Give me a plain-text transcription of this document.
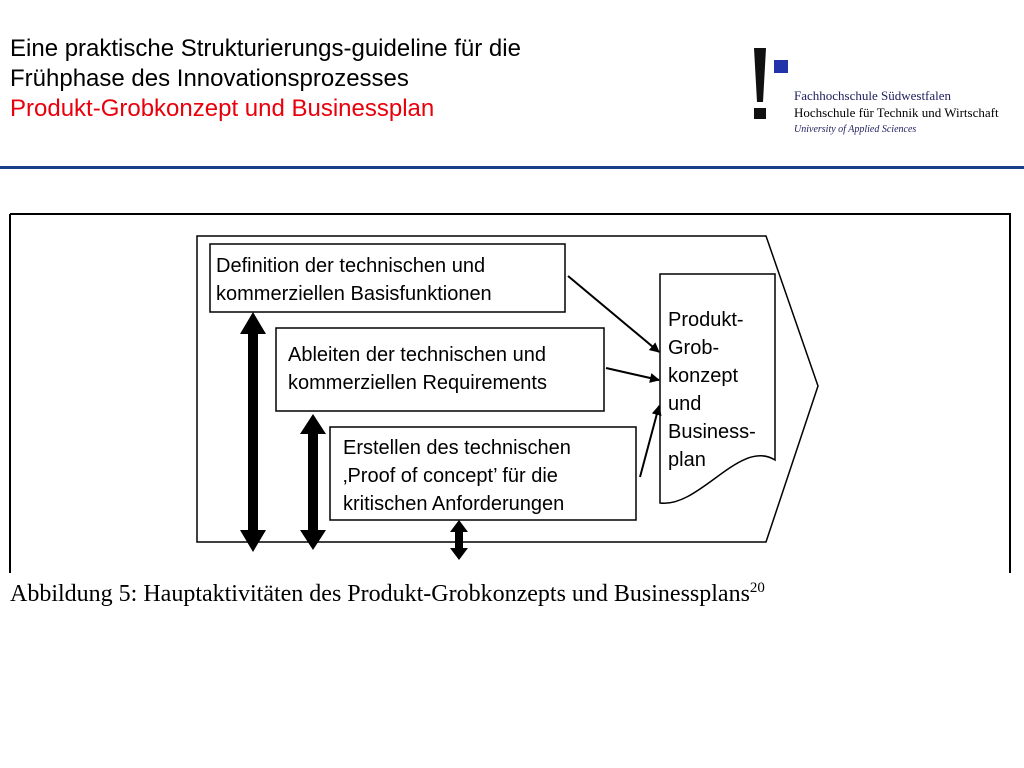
Eine praktische Strukturierungs-guideline für die
Frühphase des Innovationsprozesses
Produkt-Grobkonzept und Businessplan	Fachhochschule Südwestfalen
Hochschule für Technik und Wirtschaft
University of Applied Sciences
Definition der technischen und
kommerziellen Basisfunktionen
Ableiten der technischen und
kommerziellen Requirements
Erstellen des technischen
‚Proof of concept’ für die
kritischen Anforderungen
Produkt-
Grob-
konzept
und
Business-
plan
Abbildung 5: Hauptaktivitäten des Produkt-Grobkonzepts und Businessplans$^{20}$
